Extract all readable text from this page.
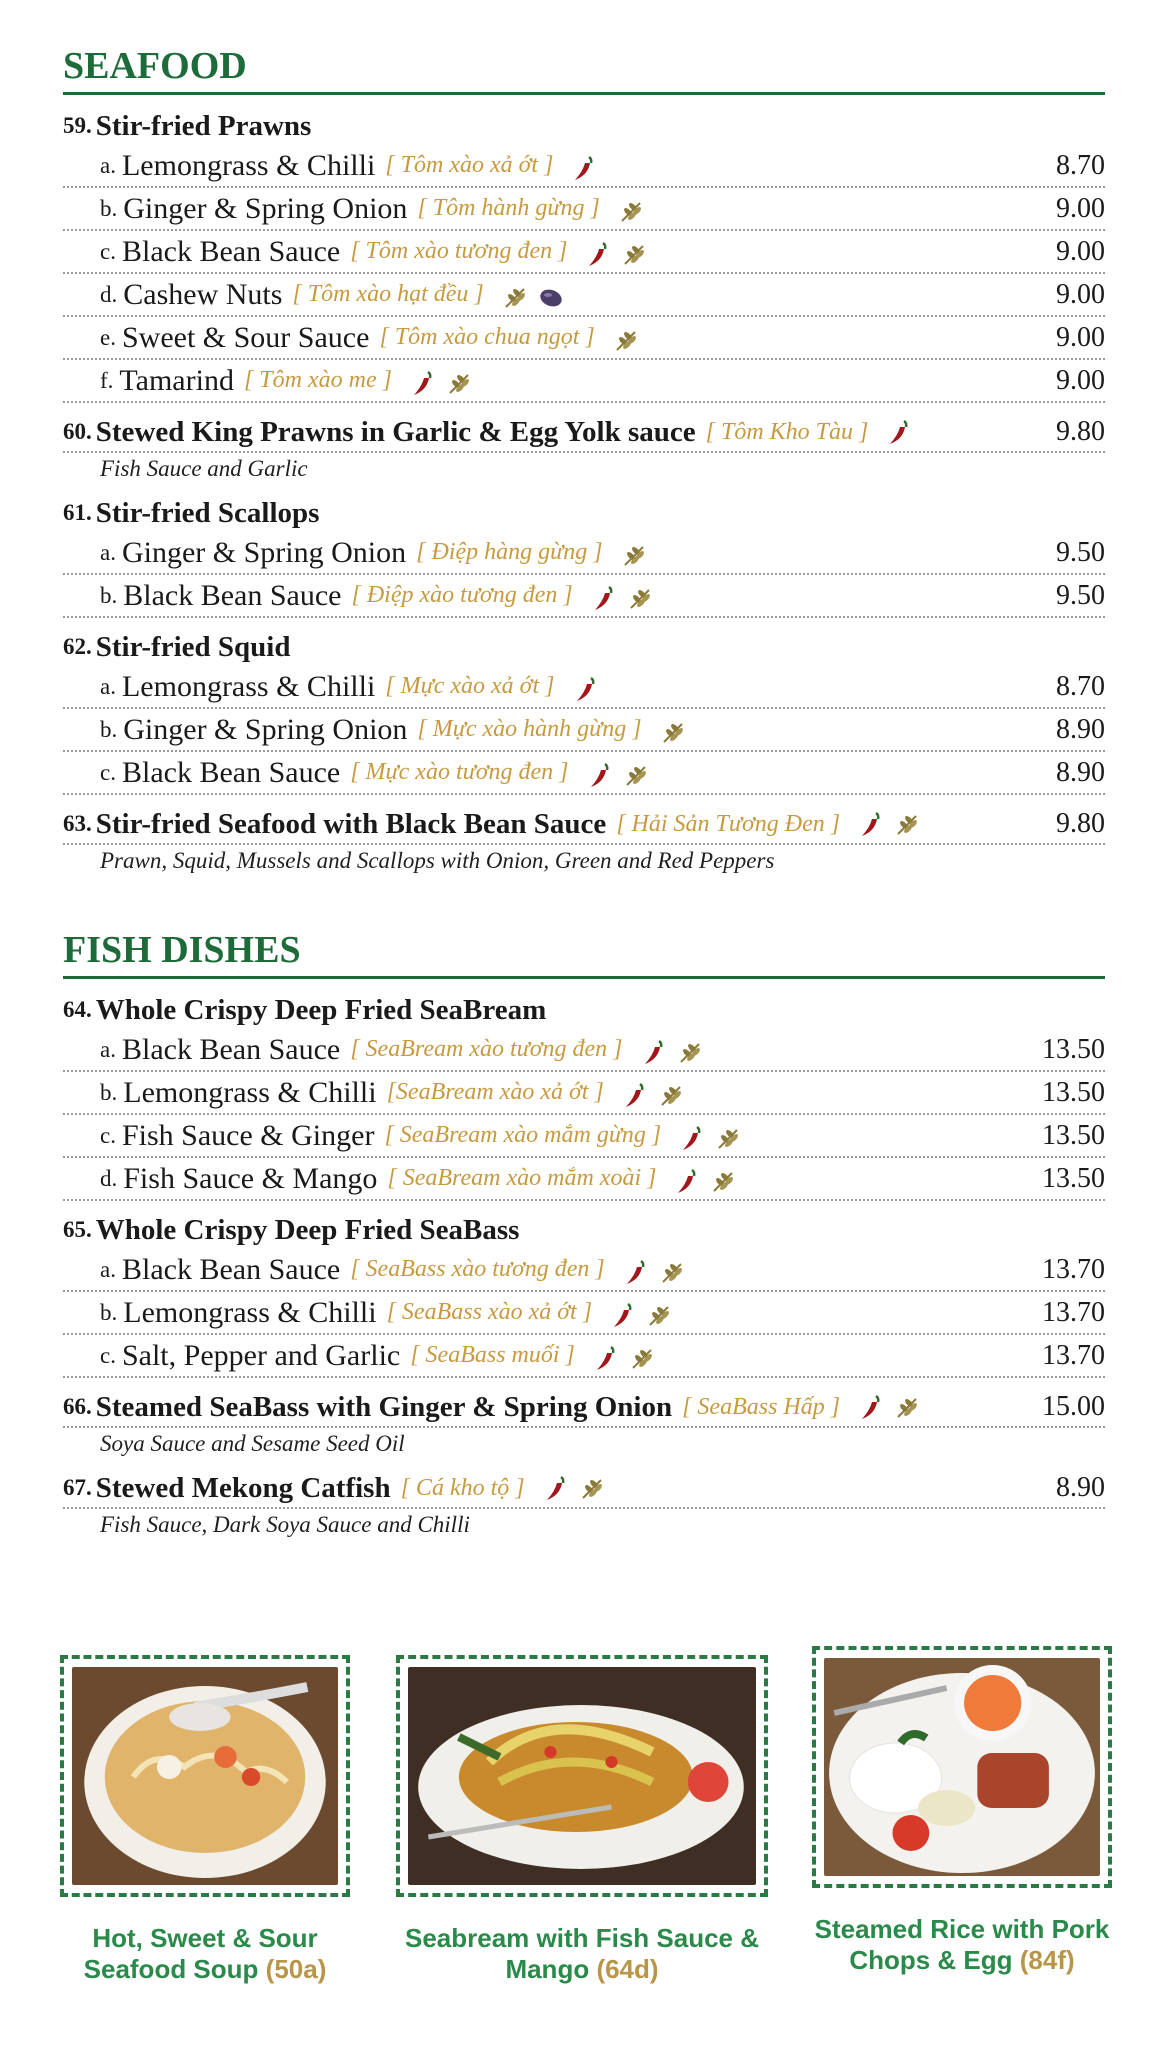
SEAFOOD
59. Stir-fried Prawns
a. Lemongrass & Chilli [ Tôm xào xả ớt ]	8.70
b. Ginger & Spring Onion [ Tôm hành gừng ]	9.00
c. Black Bean Sauce [ Tôm xào tương đen ]	9.00
d. Cashew Nuts [ Tôm xào hạt đều ]	9.00
e. Sweet & Sour Sauce [ Tôm xào chua ngọt ]	9.00
f. Tamarind [ Tôm xào me ]	9.00
60. Stewed King Prawns in Garlic & Egg Yolk sauce [ Tôm Kho Tàu ]	9.80
Fish Sauce and Garlic
61. Stir-fried Scallops
a. Ginger & Spring Onion [ Điệp hàng gừng ]	9.50
b. Black Bean Sauce [ Điệp xào tương đen ]	9.50
62. Stir-fried Squid
a. Lemongrass & Chilli [ Mực xào xả ớt ]	8.70
b. Ginger & Spring Onion [ Mực xào hành gừng ]	8.90
c. Black Bean Sauce [ Mực xào tương đen ]	8.90
63. Stir-fried Seafood with Black Bean Sauce [ Hải Sản Tương Đen ]	9.80
Prawn, Squid, Mussels and Scallops with Onion, Green and Red Peppers
FISH DISHES
64. Whole Crispy Deep Fried SeaBream
a. Black Bean Sauce [ SeaBream xào tương đen ]	13.50
b. Lemongrass & Chilli [SeaBream xào xả ớt ]	13.50
c. Fish Sauce & Ginger [ SeaBream xào mắm gừng ]	13.50
d. Fish Sauce & Mango [ SeaBream xào mắm xoài ]	13.50
65. Whole Crispy Deep Fried SeaBass
a. Black Bean Sauce [ SeaBass xào tương đen ]	13.70
b. Lemongrass & Chilli [ SeaBass xào xả ớt ]	13.70
c. Salt, Pepper and Garlic [ SeaBass muối ]	13.70
66. Steamed SeaBass with Ginger & Spring Onion [ SeaBass Hấp ]	15.00
Soya Sauce and Sesame Seed Oil
67. Stewed Mekong Catfish [ Cá kho tộ ]	8.90
Fish Sauce, Dark Soya Sauce and Chilli
Hot, Sweet & Sour Seafood Soup (50a)
Seabream with Fish Sauce & Mango (64d)
Steamed Rice with Pork Chops & Egg (84f)
